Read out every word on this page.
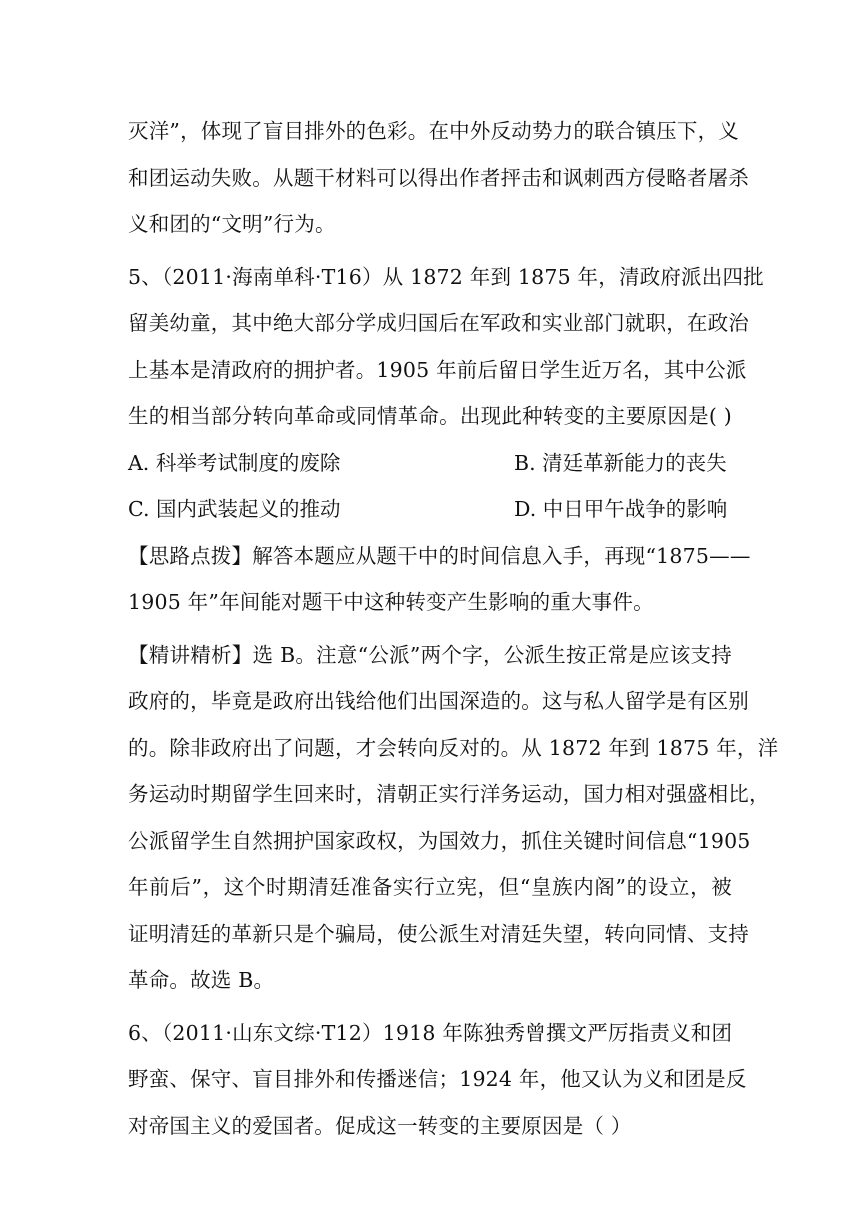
灭洋”，体现了盲目排外的色彩。在中外反动势力的联合镇压下，义
和团运动失败。从题干材料可以得出作者抨击和讽刺西方侵略者屠杀
义和团的“文明”行为。
5、（2011·海南单科·T16）从 1872 年到 1875 年，清政府派出四批
留美幼童，其中绝大部分学成归国后在军政和实业部门就职，在政治
上基本是清政府的拥护者。1905 年前后留日学生近万名，其中公派
生的相当部分转向革命或同情革命。出现此种转变的主要原因是( )
A. 科举考试制度的废除	B. 清廷革新能力的丧失
C. 国内武装起义的推动	D. 中日甲午战争的影响
【思路点拨】解答本题应从题干中的时间信息入手，再现“1875——
1905 年”年间能对题干中这种转变产生影响的重大事件。
【精讲精析】选 B。注意“公派”两个字，公派生按正常是应该支持
政府的，毕竟是政府出钱给他们出国深造的。这与私人留学是有区别
的。除非政府出了问题，才会转向反对的。从 1872 年到 1875 年，洋
务运动时期留学生回来时，清朝正实行洋务运动，国力相对强盛相比，
公派留学生自然拥护国家政权，为国效力，抓住关键时间信息“1905
年前后”，这个时期清廷准备实行立宪，但“皇族内阁”的设立，被
证明清廷的革新只是个骗局，使公派生对清廷失望，转向同情、支持
革命。故选 B。
6、（2011·山东文综·T12）1918 年陈独秀曾撰文严厉指责义和团
野蛮、保守、盲目排外和传播迷信；1924 年，他又认为义和团是反
对帝国主义的爱国者。促成这一转变的主要原因是（ ）
